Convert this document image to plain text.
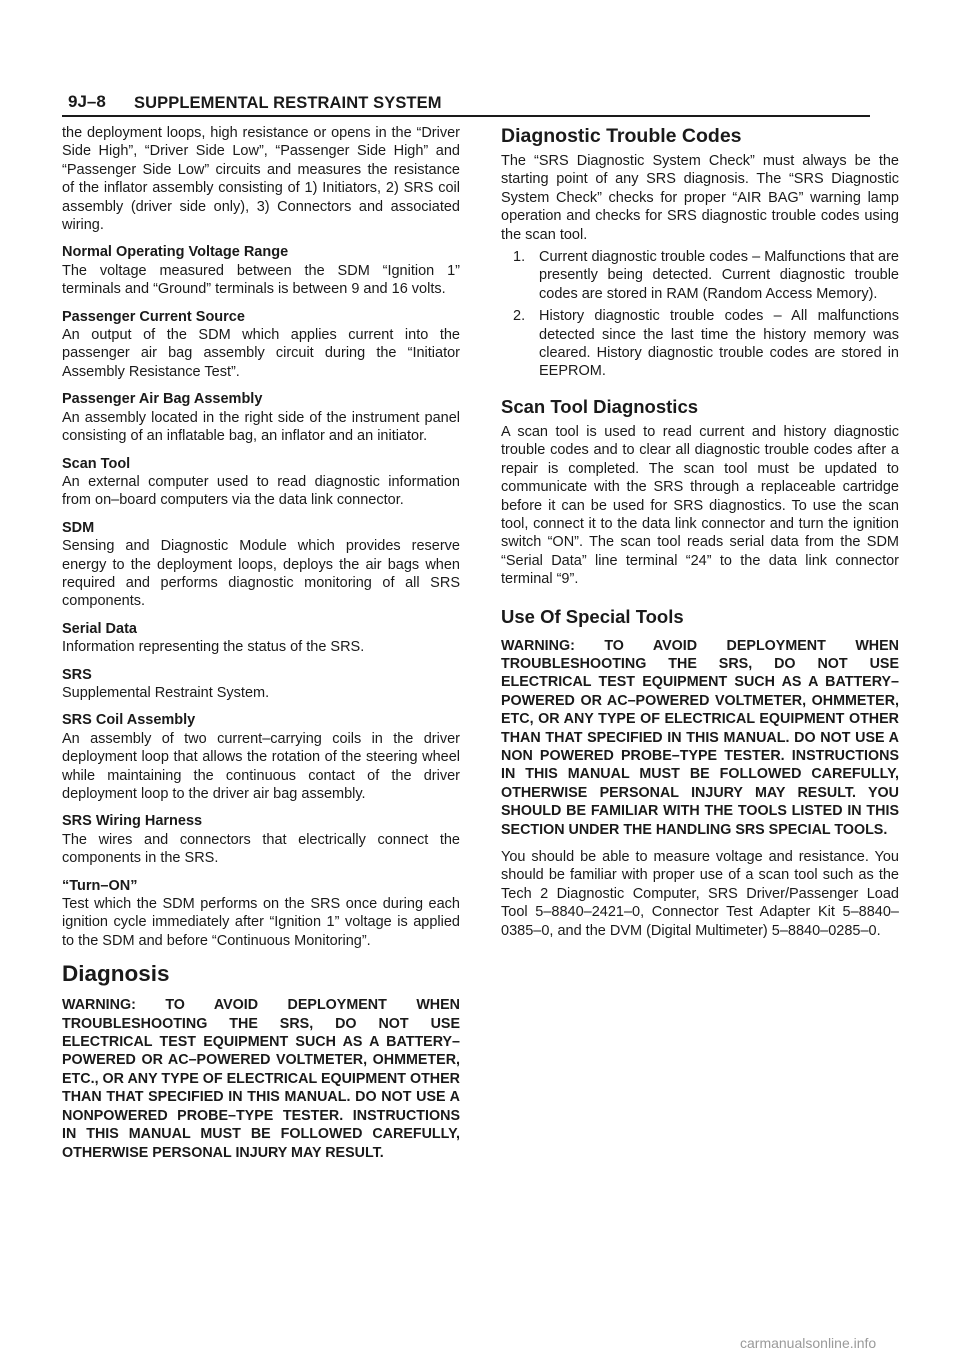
9J–8 SUPPLEMENTAL RESTRAINT SYSTEM

the deployment loops, high resistance or opens in the “Driver Side High”, “Driver Side Low”, “Passenger Side High” and “Passenger Side Low” circuits and measures the resistance of the inflator assembly consisting of 1) Initiators, 2) SRS coil assembly (driver side only), 3) Connectors and associated wiring.

Normal Operating Voltage Range
The voltage measured between the SDM “Ignition 1” terminals and “Ground” terminals is between 9 and 16 volts.
Passenger Current Source
An output of the SDM which applies current into the passenger air bag assembly circuit during the “Initiator Assembly Resistance Test”.
Passenger Air Bag Assembly
An assembly located in the right side of the instrument panel consisting of an inflatable bag, an inflator and an initiator.
Scan Tool
An external computer used to read diagnostic information from on–board computers via the data link connector.
SDM
Sensing and Diagnostic Module which provides reserve energy to the deployment loops, deploys the air bags when required and performs diagnostic monitoring of all SRS components.
Serial Data
Information representing the status of the SRS.
SRS
Supplemental Restraint System.
SRS Coil Assembly
An assembly of two current–carrying coils in the driver deployment loop that allows the rotation of the steering wheel while maintaining the continuous contact of the driver deployment loop to the driver air bag assembly.
SRS Wiring Harness
The wires and connectors that electrically connect the components in the SRS.
“Turn–ON”
Test which the SDM performs on the SRS once during each ignition cycle immediately after “Ignition 1” voltage is applied to the SDM and before “Continuous Monitoring”.
Diagnosis

WARNING: TO AVOID DEPLOYMENT WHEN TROUBLESHOOTING THE SRS, DO NOT USE ELECTRICAL TEST EQUIPMENT SUCH AS A BATTERY–POWERED OR AC–POWERED VOLTMETER, OHMMETER, ETC., OR ANY TYPE OF ELECTRICAL EQUIPMENT OTHER THAN THAT SPECIFIED IN THIS MANUAL. DO NOT USE A NONPOWERED PROBE–TYPE TESTER. INSTRUCTIONS IN THIS MANUAL MUST BE FOLLOWED CAREFULLY, OTHERWISE PERSONAL INJURY MAY RESULT.

Diagnostic Trouble Codes

The “SRS Diagnostic System Check” must always be the starting point of any SRS diagnosis. The “SRS Diagnostic System Check” checks for proper “AIR BAG” warning lamp operation and checks for SRS diagnostic trouble codes using the scan tool.

1. Current diagnostic trouble codes – Malfunctions that are presently being detected. Current diagnostic trouble codes are stored in RAM (Random Access Memory).
2. History diagnostic trouble codes – All malfunctions detected since the last time the history memory was cleared. History diagnostic trouble codes are stored in EEPROM.
Scan Tool Diagnostics

A scan tool is used to read current and history diagnostic trouble codes and to clear all diagnostic trouble codes after a repair is completed. The scan tool must be updated to communicate with the SRS through a replaceable cartridge before it can be used for SRS diagnostics. To use the scan tool, connect it to the data link connector and turn the ignition switch “ON”. The scan tool reads serial data from the SDM “Serial Data” line terminal “24” to the data link connector terminal “9”.

Use Of Special Tools

WARNING: TO AVOID DEPLOYMENT WHEN TROUBLESHOOTING THE SRS, DO NOT USE ELECTRICAL TEST EQUIPMENT SUCH AS A BATTERY–POWERED OR AC–POWERED VOLTMETER, OHMMETER, ETC, OR ANY TYPE OF ELECTRICAL EQUIPMENT OTHER THAN THAT SPECIFIED IN THIS MANUAL. DO NOT USE A NON POWERED PROBE–TYPE TESTER. INSTRUCTIONS IN THIS MANUAL MUST BE FOLLOWED CAREFULLY, OTHERWISE PERSONAL INJURY MAY RESULT. YOU SHOULD BE FAMILIAR WITH THE TOOLS LISTED IN THIS SECTION UNDER THE HANDLING SRS SPECIAL TOOLS.

You should be able to measure voltage and resistance. You should be familiar with proper use of a scan tool such as the Tech 2 Diagnostic Computer, SRS Driver/Passenger Load Tool 5–8840–2421–0, Connector Test Adapter Kit 5–8840–0385–0, and the DVM (Digital Multimeter) 5–8840–0285–0.

carmanualsonline.info
